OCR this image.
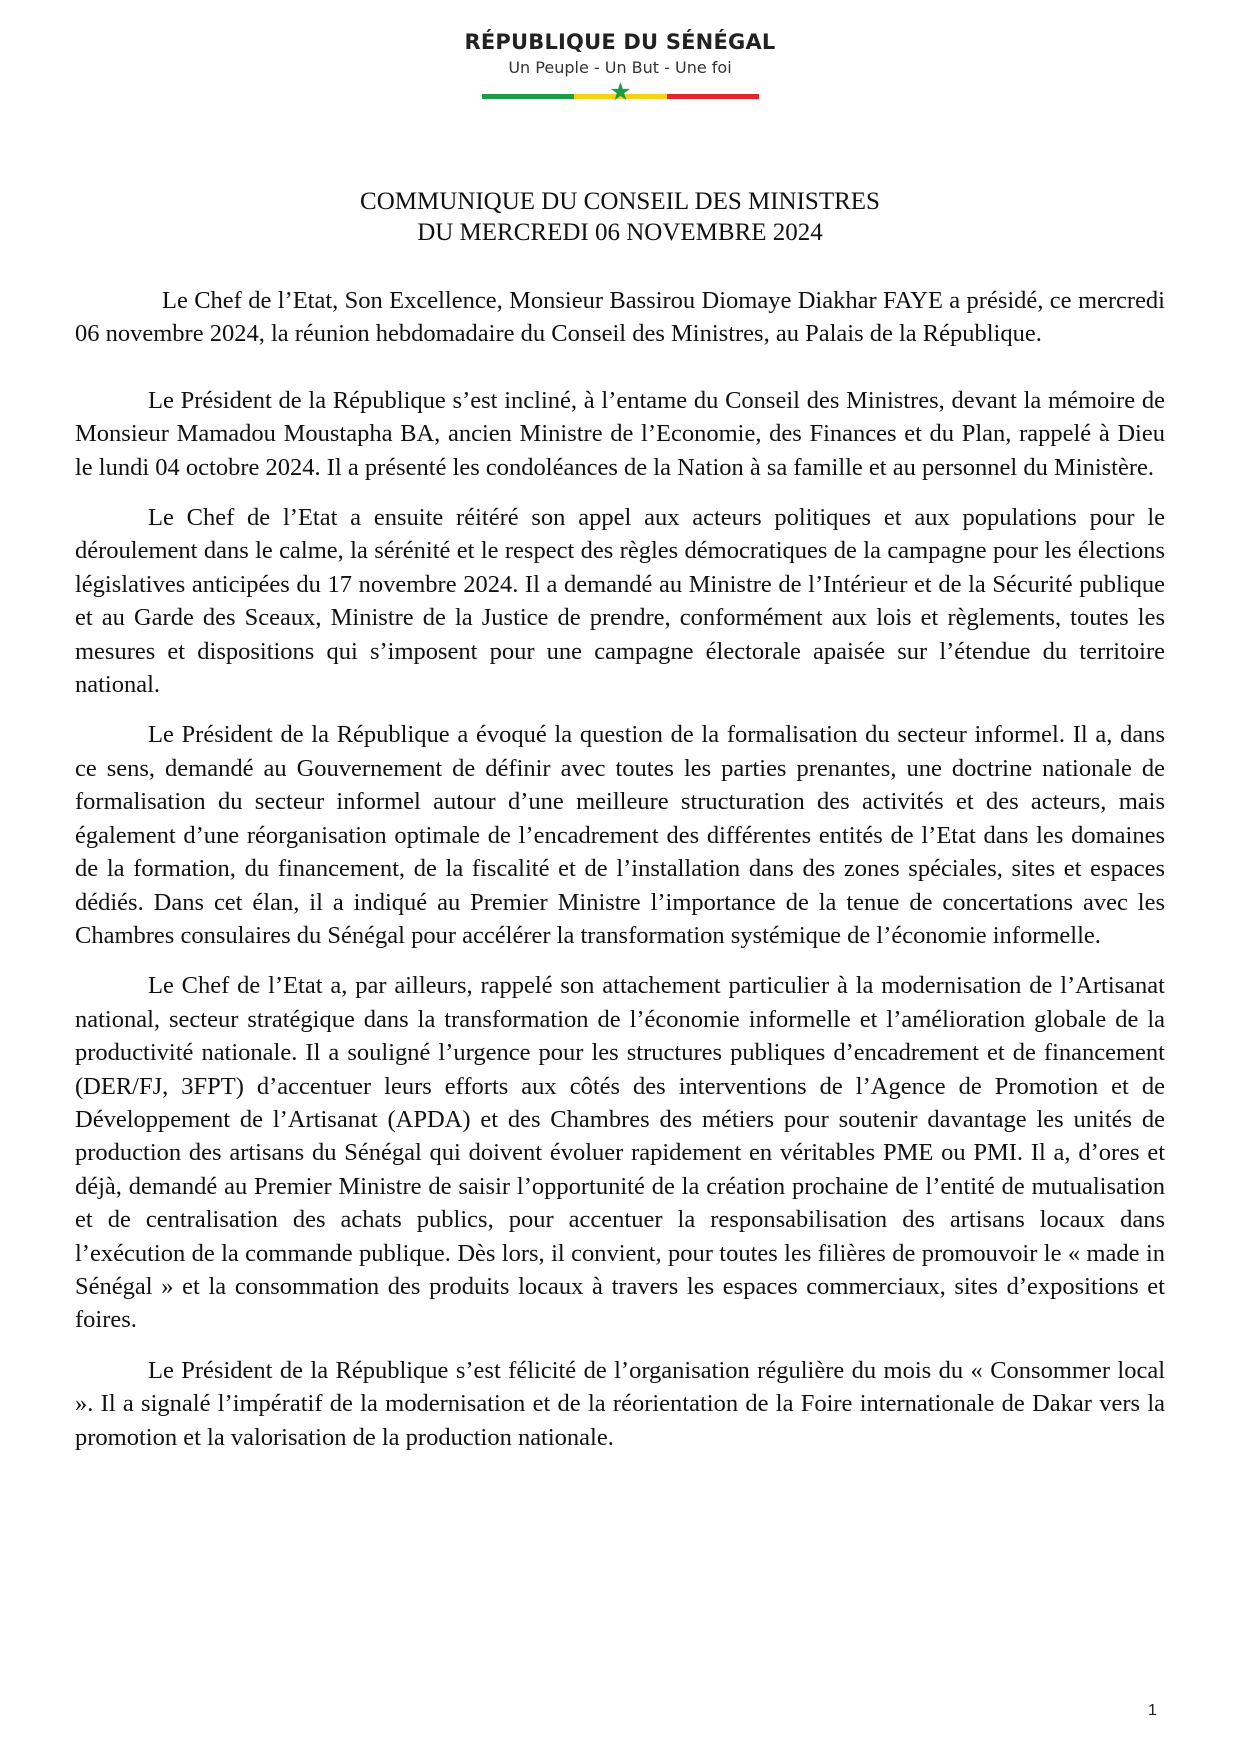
RÉPUBLIQUE DU SÉNÉGAL
Un Peuple - Un But - Une foi
★
COMMUNIQUE DU CONSEIL DES MINISTRES
DU MERCREDI 06 NOVEMBRE 2024

Le Chef de l’Etat, Son Excellence, Monsieur Bassirou Diomaye Diakhar FAYE a présidé, ce mercredi 06 novembre 2024, la réunion hebdomadaire du Conseil des Ministres, au Palais de la République.

Le Président de la République s’est incliné, à l’entame du Conseil des Ministres, devant la mémoire de Monsieur Mamadou Moustapha BA, ancien Ministre de l’Economie, des Finances et du Plan, rappelé à Dieu le lundi 04 octobre 2024. Il a présenté les condoléances de la Nation à sa famille et au personnel du Ministère.

Le Chef de l’Etat a ensuite réitéré son appel aux acteurs politiques et aux populations pour le déroulement dans le calme, la sérénité et le respect des règles démocratiques de la campagne pour les élections législatives anticipées du 17 novembre 2024. Il a demandé au Ministre de l’Intérieur et de la Sécurité publique et au Garde des Sceaux, Ministre de la Justice de prendre, conformément aux lois et règlements, toutes les mesures et dispositions qui s’imposent pour une campagne électorale apaisée sur l’étendue du territoire national.

Le Président de la République a évoqué la question de la formalisation du secteur informel. Il a, dans ce sens, demandé au Gouvernement de définir avec toutes les parties prenantes, une doctrine nationale de formalisation du secteur informel autour d’une meilleure structuration des activités et des acteurs, mais également d’une réorganisation optimale de l’encadrement des différentes entités de l’Etat dans les domaines de la formation, du financement, de la fiscalité et de l’installation dans des zones spéciales, sites et espaces dédiés. Dans cet élan, il a indiqué au Premier Ministre l’importance de la tenue de concertations avec les Chambres consulaires du Sénégal pour accélérer la transformation systémique de l’économie informelle.

Le Chef de l’Etat a, par ailleurs, rappelé son attachement particulier à la modernisation de l’Artisanat national, secteur stratégique dans la transformation de l’économie informelle et l’amélioration globale de la productivité nationale. Il a souligné l’urgence pour les structures publiques d’encadrement et de financement (DER/FJ, 3FPT) d’accentuer leurs efforts aux côtés des interventions de l’Agence de Promotion et de Développement de l’Artisanat (APDA) et des Chambres des métiers pour soutenir davantage les unités de production des artisans du Sénégal qui doivent évoluer rapidement en véritables PME ou PMI. Il a, d’ores et déjà, demandé au Premier Ministre de saisir l’opportunité de la création prochaine de l’entité de mutualisation et de centralisation des achats publics, pour accentuer la responsabilisation des artisans locaux dans l’exécution de la commande publique. Dès lors, il convient, pour toutes les filières de promouvoir le « made in Sénégal » et la consommation des produits locaux à travers les espaces commerciaux, sites d’expositions et foires.

Le Président de la République s’est félicité de l’organisation régulière du mois du « Consommer local ». Il a signalé l’impératif de la modernisation et de la réorientation de la Foire internationale de Dakar vers la promotion et la valorisation de la production nationale.

1
